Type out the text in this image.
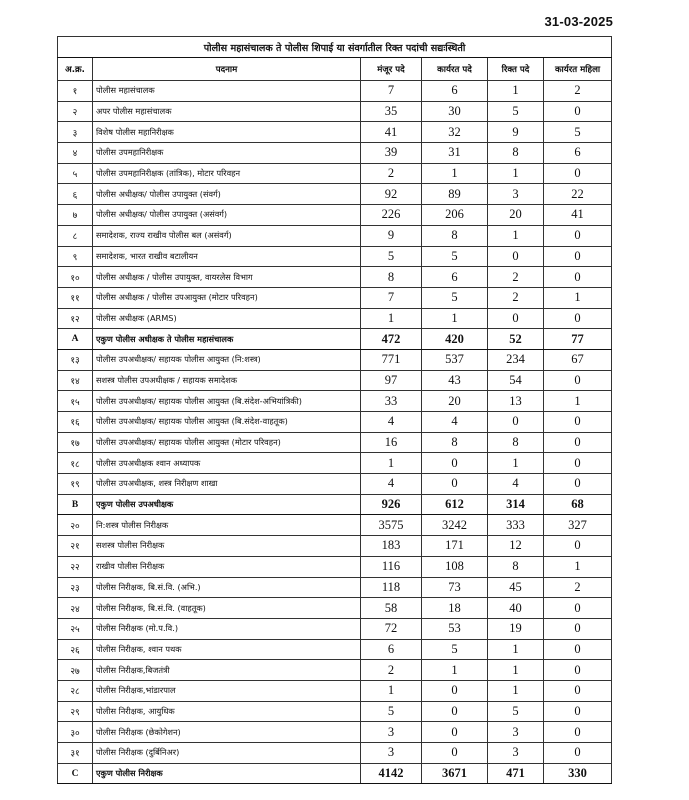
31-03-2025
पोलीस महासंचालक ते पोलीस शिपाई या संवर्गातील रिक्त पदांची सद्यःस्थिती					
अ.क्र.	पदनाम	मंजूर पदे	कार्यरत पदे	रिक्त पदे	कार्यरत महिला
१	पोलीस महासंचालक	7	6	1	2
२	अपर पोलीस महासंचालक	35	30	5	0
३	विशेष पोलीस महानिरीक्षक	41	32	9	5
४	पोलीस उपमहानिरीक्षक	39	31	8	6
५	पोलीस उपमहानिरीक्षक (तांत्रिक), मोटार परिवहन	2	1	1	0
६	पोलीस अधीक्षक/ पोलीस उपायुक्त (संवर्ग)	92	89	3	22
७	पोलीस अधीक्षक/ पोलीस उपायुक्त (असंवर्ग)	226	206	20	41
८	समादेशक, राज्य राखीव पोलीस बल (असंवर्ग)	9	8	1	0
९	समादेशक, भारत राखीव बटालीयन	5	5	0	0
१०	पोलीस अधीक्षक / पोलीस उपायुक्त, वायरलेस विभाग	8	6	2	0
११	पोलीस अधीक्षक / पोलीस उपआयुक्त (मोटार परिवहन)	7	5	2	1
१२	पोलीस अधीक्षक (ARMS)	1	1	0	0
A	एकुण पोलीस अधीक्षक ते पोलीस महासंचालक	472	420	52	77
१३	पोलीस उपअधीक्षक/ सहायक पोलीस आयुक्त (नि:शस्त्र)	771	537	234	67
१४	सशस्त्र पोलीस उपअधीक्षक / सहायक समादेशक	97	43	54	0
१५	पोलीस उपअधीक्षक/ सहायक पोलीस आयुक्त (बि.संदेश-अभियांत्रिकी)	33	20	13	1
१६	पोलीस उपअधीक्षक/ सहायक पोलीस आयुक्त (बि.संदेश-वाहतूक)	4	4	0	0
१७	पोलीस उपअधीक्षक/ सहायक पोलीस आयुक्त (मोटार परिवहन)	16	8	8	0
१८	पोलीस उपअधीक्षक श्वान अध्यापक	1	0	1	0
१९	पोलीस उपअधीक्षक, शस्त्र निरीक्षण शाखा	4	0	4	0
B	एकुण पोलीस उपअधीक्षक	926	612	314	68
२०	नि:शस्त्र पोलीस निरीक्षक	3575	3242	333	327
२१	सशस्त्र पोलीस निरीक्षक	183	171	12	0
२२	राखीव पोलीस निरीक्षक	116	108	8	1
२३	पोलीस निरीक्षक, बि.सं.वि. (अभि.)	118	73	45	2
२४	पोलीस निरीक्षक, बि.सं.वि. (वाहतूक)	58	18	40	0
२५	पोलीस निरीक्षक (मो.प.वि.)	72	53	19	0
२६	पोलीस निरीक्षक, श्वान पथक	6	5	1	0
२७	पोलीस निरीक्षक,बिजतंत्री	2	1	1	0
२८	पोलीस निरीक्षक,भांडारपाल	1	0	1	0
२९	पोलीस निरीक्षक, आयुधिक	5	0	5	0
३०	पोलीस निरीक्षक (छेकोगेशन)	3	0	3	0
३१	पोलीस निरीक्षक (दुर्बिनिअर)	3	0	3	0
C	एकुण पोलीस निरीक्षक	4142	3671	471	330
